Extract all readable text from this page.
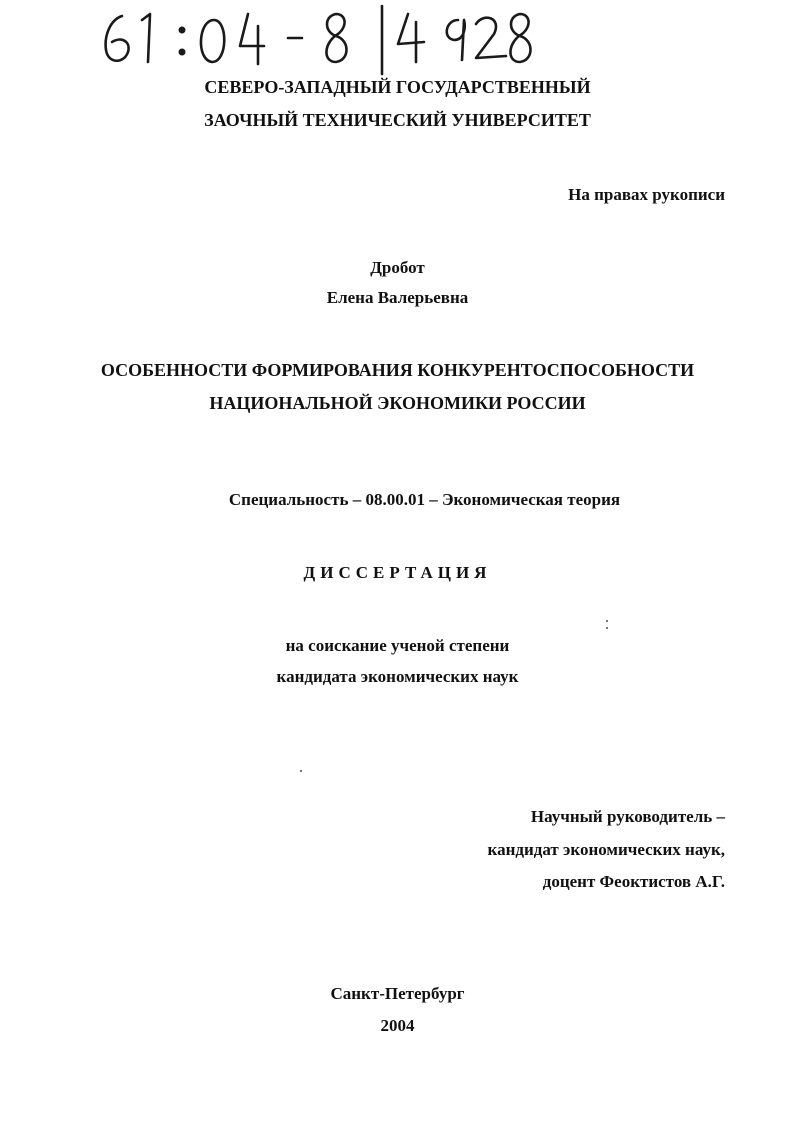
СЕВЕРО-ЗАПАДНЫЙ ГОСУДАРСТВЕННЫЙ
ЗАОЧНЫЙ ТЕХНИЧЕСКИЙ УНИВЕРСИТЕТ
На правах рукописи
Дробот
Елена Валерьевна
ОСОБЕННОСТИ ФОРМИРОВАНИЯ КОНКУРЕНТОСПОСОБНОСТИ
НАЦИОНАЛЬНОЙ ЭКОНОМИКИ РОССИИ
Специальность – 08.00.01 – Экономическая теория
ДИССЕРТАЦИЯ
на соискание ученой степени
кандидата экономических наук
Научный руководитель –
кандидат экономических наук,
доцент Феоктистов А.Г.
Санкт-Петербург
2004
